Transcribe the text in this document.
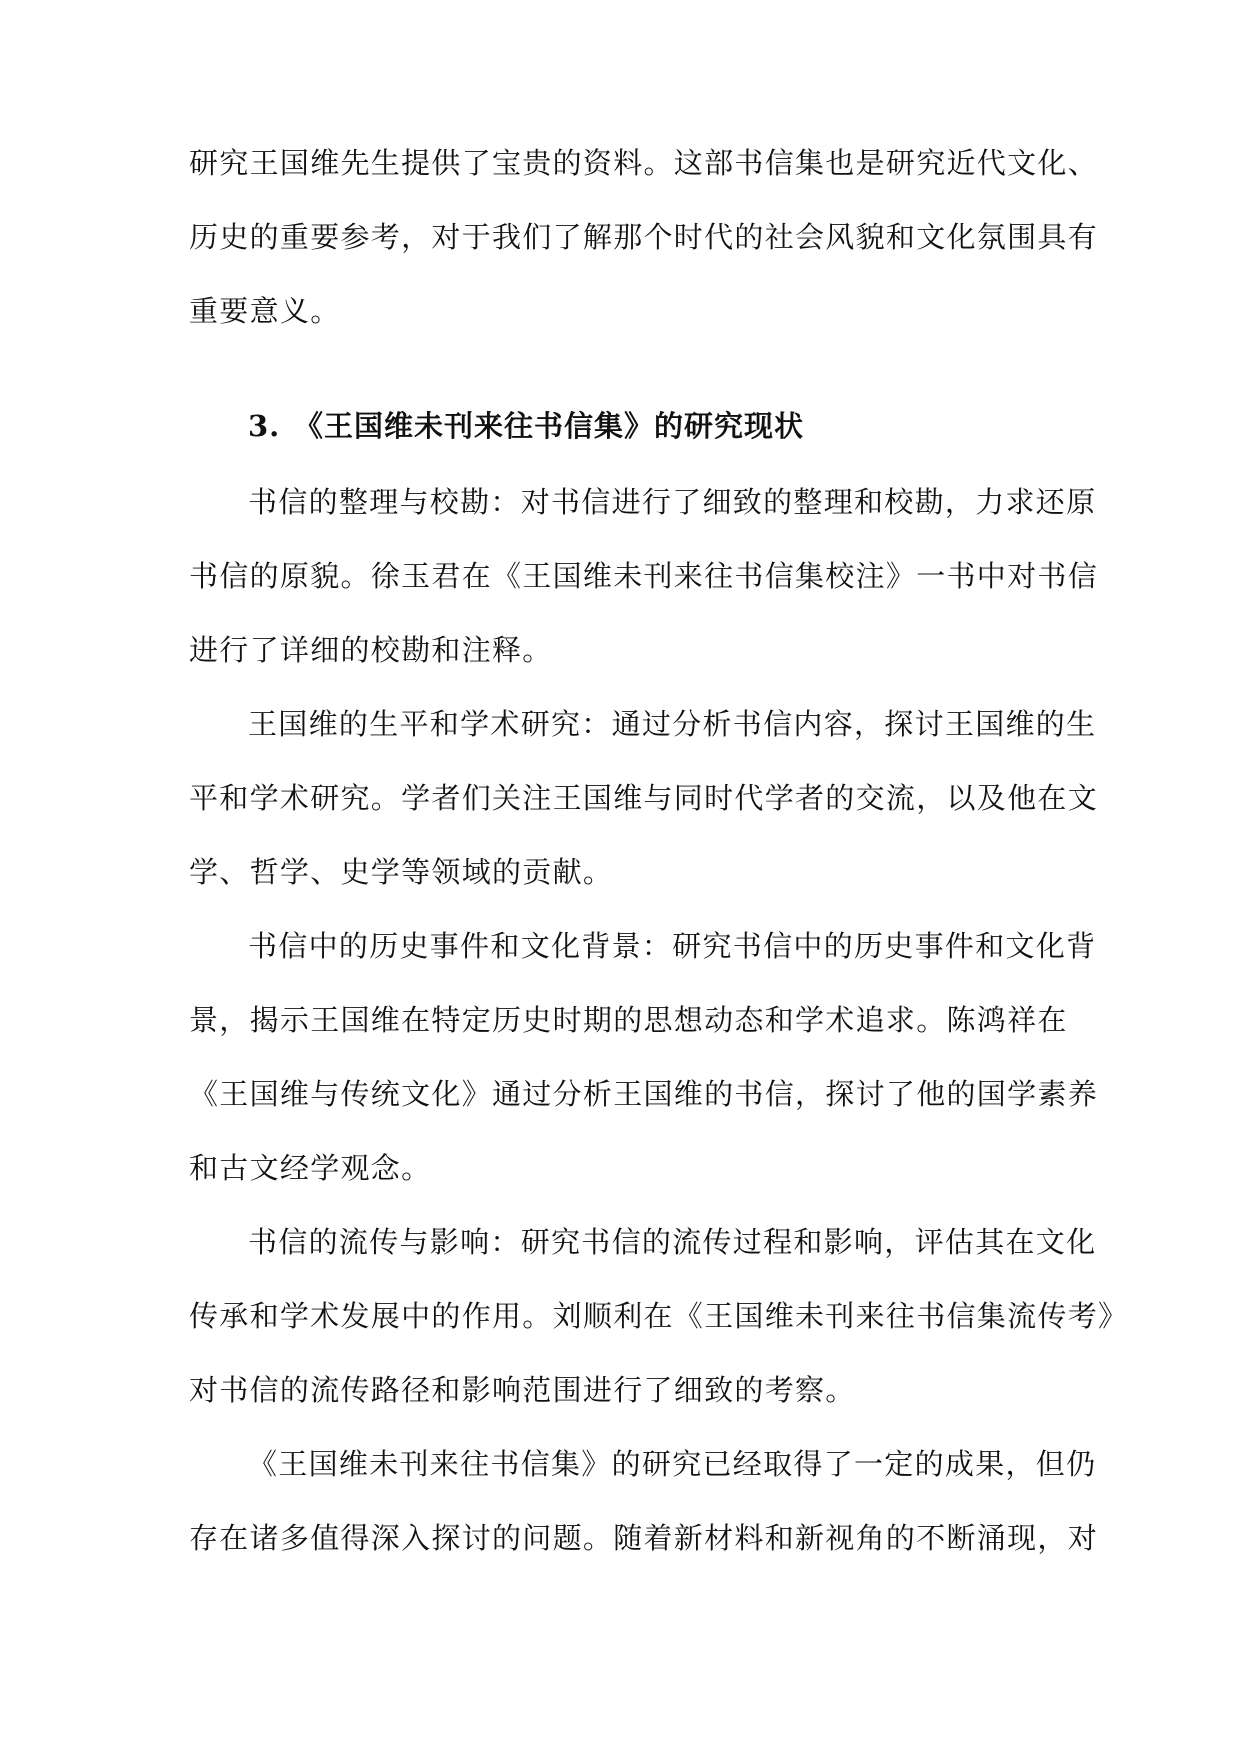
研究王国维先生提供了宝贵的资料。这部书信集也是研究近代文化、
历史的重要参考，对于我们了解那个时代的社会风貌和文化氛围具有
重要意义。
3. 《王国维未刊来往书信集》的研究现状
书信的整理与校勘：对书信进行了细致的整理和校勘，力求还原
书信的原貌。徐玉君在《王国维未刊来往书信集校注》一书中对书信
进行了详细的校勘和注释。
王国维的生平和学术研究：通过分析书信内容，探讨王国维的生
平和学术研究。学者们关注王国维与同时代学者的交流，以及他在文
学、哲学、史学等领域的贡献。
书信中的历史事件和文化背景：研究书信中的历史事件和文化背
景，揭示王国维在特定历史时期的思想动态和学术追求。陈鸿祥在
《王国维与传统文化》通过分析王国维的书信，探讨了他的国学素养
和古文经学观念。
书信的流传与影响：研究书信的流传过程和影响，评估其在文化
传承和学术发展中的作用。刘顺利在《王国维未刊来往书信集流传考》
对书信的流传路径和影响范围进行了细致的考察。
《王国维未刊来往书信集》的研究已经取得了一定的成果，但仍
存在诸多值得深入探讨的问题。随着新材料和新视角的不断涌现，对
